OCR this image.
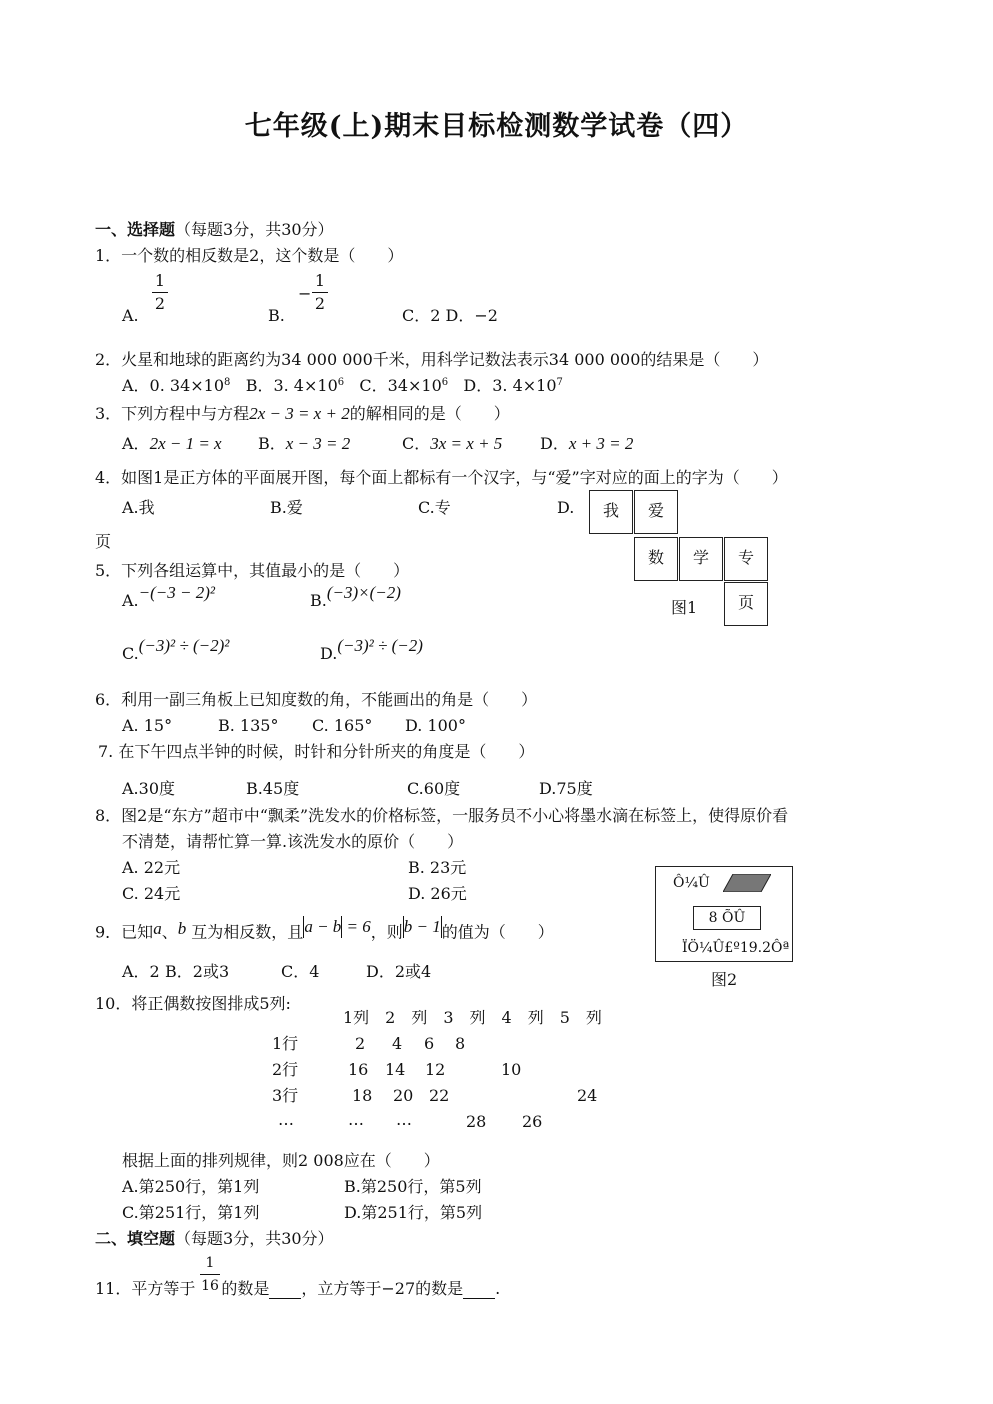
七年级(上)期末目标检测数学试卷（四）
一、选择题（每题3分，共30分）
1．一个数的相反数是2，这个数是（　　）
A.
1
2
B.
−
1
2
C．2 D．−2
2．火星和地球的距离约为34 000 000千米，用科学记数法表示34 000 000的结果是（　　）
A．0. $34\times 10^8$ B．3. $4\times 10^6$ C．$34\times 10^6$ D．3. $4\times 10^7$
3．下列方程中与方程2x − 3 = x + 2的解相同的是（　　）
A．2x − 1 = x B．x − 3 = 2	C．3x = x + 5 D．x + 3 = 2
4．如图1是正方体的平面展开图，每个面上都标有一个汉字，与“爱”字对应的面上的字为（　　）
A.我	B.爱	C.专	D.
页
我	爱
数	学	专
页
图1
5．下列各组运算中，其值最小的是（　　）
A.−(−3 − 2)²	B.(−3)×(−2)
C.(−3)² ÷ (−2)²	D.(−3)² ÷ (−2)
6．利用一副三角板上已知度数的角，不能画出的角是（　　）
A. 15°	B. 135° C. 165° D. 100°
7. 在下午四点半钟的时候，时针和分针所夹的角度是（　　）
A.30度	B.45度	C.60度	D.75度
8．图2是“东方”超市中“飘柔”洗发水的价格标签，一服务员不小心将墨水滴在标签上，使得原价看
不清楚，请帮忙算一算.该洗发水的原价（　　）
A. 22元	B. 23元
C. 24元	D. 26元
Ô¼Û
8 ÕÛ
ÏÖ¼Û£º19.2Ôª
图2
9．已知a、b 互为相反数，且a − b = 6，则b − 1的值为（　　）
A．2 B．2或3	C．4	D．2或4
10．将正偶数按图排成5列:
1列　2　列　3　列　4　列　5　列
1行	2 4 6 8
2行	16 14 12	10
3行	18 20 22	24
…	… …	28 26
根据上面的排列规律，则2 008应在（　　）
A.第250行，第1列	B.第250行，第5列
C.第251行，第1列	D.第251行，第5列
二、填空题（每题3分，共30分）
11．平方等于 的数是 ，立方等于−27的数是 .
1
16
